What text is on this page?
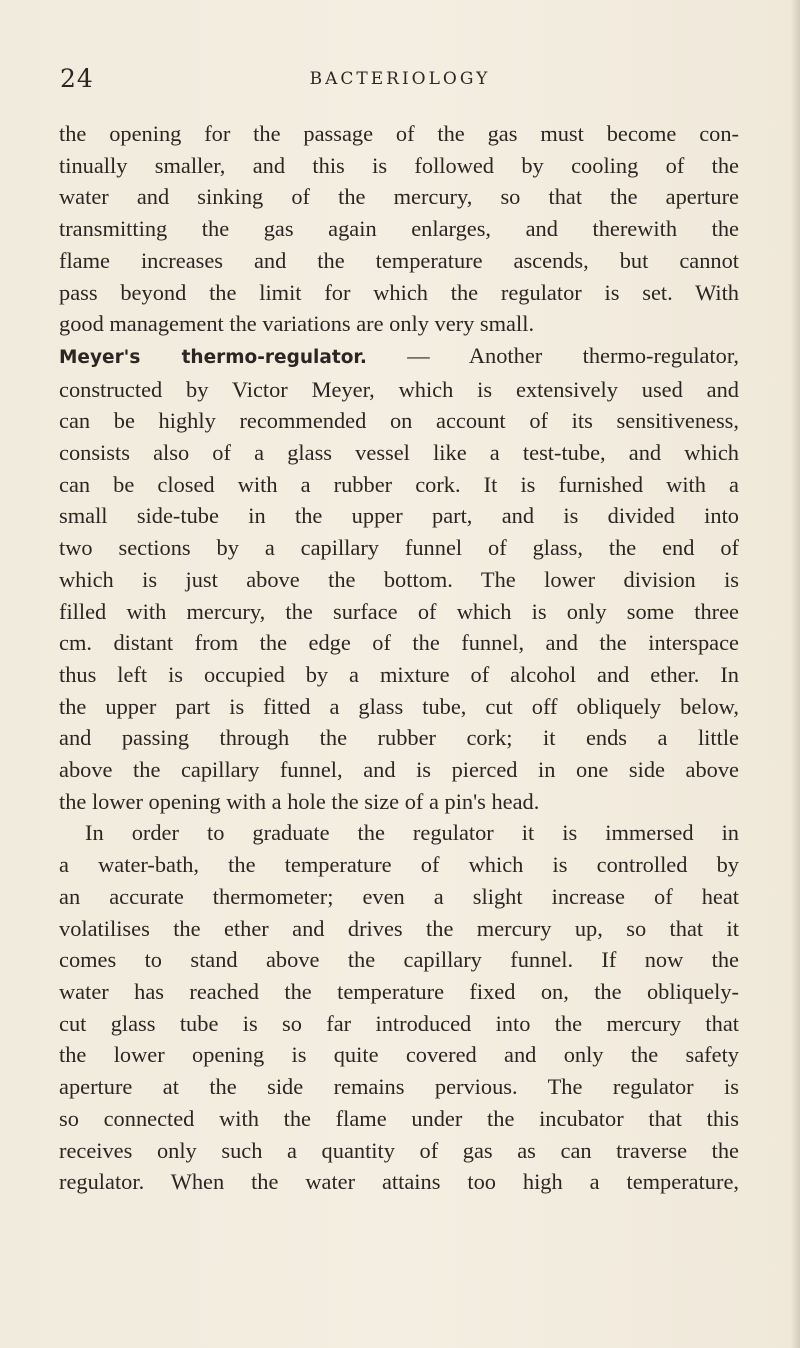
24	BACTERIOLOGY
the opening for the passage of the gas must become con-
tinually smaller, and this is followed by cooling of the
water and sinking of the mercury, so that the aperture
transmitting the gas again enlarges, and therewith the
flame increases and the temperature ascends, but cannot
pass beyond the limit for which the regulator is set. With
good management the variations are only very small.
Meyer's thermo-regulator. — Another thermo-regulator,
constructed by Victor Meyer, which is extensively used and
can be highly recommended on account of its sensitiveness,
consists also of a glass vessel like a test-tube, and which
can be closed with a rubber cork. It is furnished with a
small side-tube in the upper part, and is divided into
two sections by a capillary funnel of glass, the end of
which is just above the bottom. The lower division is
filled with mercury, the surface of which is only some three
cm. distant from the edge of the funnel, and the interspace
thus left is occupied by a mixture of alcohol and ether. In
the upper part is fitted a glass tube, cut off obliquely below,
and passing through the rubber cork; it ends a little
above the capillary funnel, and is pierced in one side above
the lower opening with a hole the size of a pin's head.
In order to graduate the regulator it is immersed in
a water-bath, the temperature of which is controlled by
an accurate thermometer; even a slight increase of heat
volatilises the ether and drives the mercury up, so that it
comes to stand above the capillary funnel. If now the
water has reached the temperature fixed on, the obliquely-
cut glass tube is so far introduced into the mercury that
the lower opening is quite covered and only the safety
aperture at the side remains pervious. The regulator is
so connected with the flame under the incubator that this
receives only such a quantity of gas as can traverse the
regulator. When the water attains too high a temperature,
